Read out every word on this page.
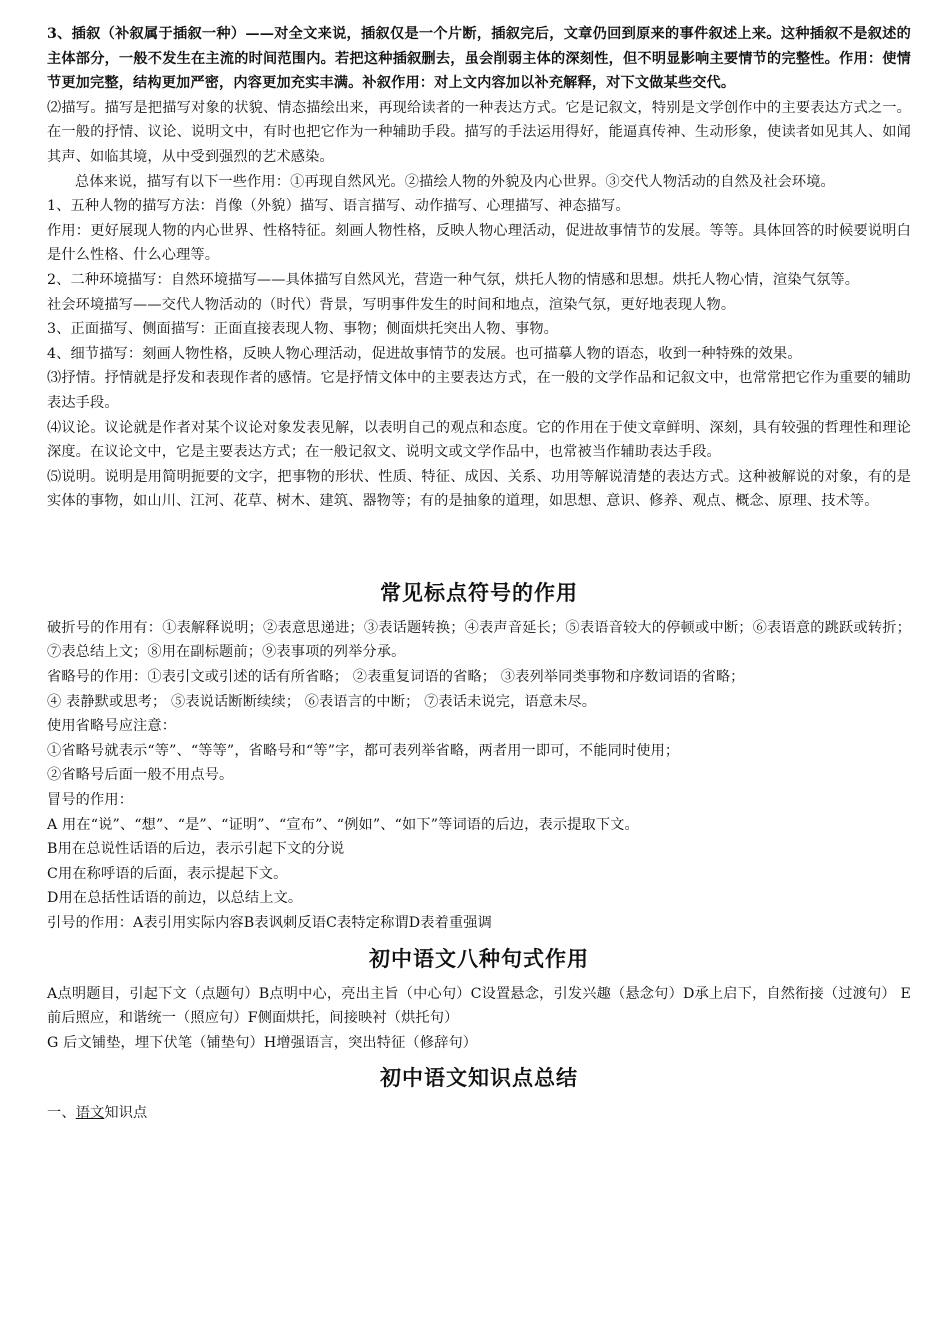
3、插叙（补叙属于插叙一种）——对全文来说，插叙仅是一个片断，插叙完后，文章仍回到原来的事件叙述上来。这种插叙不是叙述的主体部分，一般不发生在主流的时间范围内。若把这种插叙删去，虽会削弱主体的深刻性，但不明显影响主要情节的完整性。作用：使情节更加完整，结构更加严密，内容更加充实丰满。补叙作用：对上文内容加以补充解释，对下文做某些交代。

⑵描写。描写是把描写对象的状貌、情态描绘出来，再现给读者的一种表达方式。它是记叙文，特别是文学创作中的主要表达方式之一。在一般的抒情、议论、说明文中，有时也把它作为一种辅助手段。描写的手法运用得好，能逼真传神、生动形象，使读者如见其人、如闻其声、如临其境，从中受到强烈的艺术感染。

总体来说，描写有以下一些作用：①再现自然风光。②描绘人物的外貌及内心世界。③交代人物活动的自然及社会环境。

1、五种人物的描写方法：肖像（外貌）描写、语言描写、动作描写、心理描写、神态描写。

作用：更好展现人物的内心世界、性格特征。刻画人物性格，反映人物心理活动，促进故事情节的发展。等等。具体回答的时候要说明白是什么性格、什么心理等。

2、二种环境描写：自然环境描写——具体描写自然风光，营造一种气氛，烘托人物的情感和思想。烘托人物心情，渲染气氛等。

社会环境描写——交代人物活动的（时代）背景，写明事件发生的时间和地点，渲染气氛，更好地表现人物。

3、正面描写、侧面描写：正面直接表现人物、事物；侧面烘托突出人物、事物。

4、细节描写：刻画人物性格，反映人物心理活动，促进故事情节的发展。也可描摹人物的语态，收到一种特殊的效果。

⑶抒情。抒情就是抒发和表现作者的感情。它是抒情文体中的主要表达方式，在一般的文学作品和记叙文中，也常常把它作为重要的辅助表达手段。

⑷议论。议论就是作者对某个议论对象发表见解，以表明自己的观点和态度。它的作用在于使文章鲜明、深刻，具有较强的哲理性和理论深度。在议论文中，它是主要表达方式；在一般记叙文、说明文或文学作品中，也常被当作辅助表达手段。

⑸说明。说明是用简明扼要的文字，把事物的形状、性质、特征、成因、关系、功用等解说清楚的表达方式。这种被解说的对象，有的是实体的事物，如山川、江河、花草、树木、建筑、器物等；有的是抽象的道理，如思想、意识、修养、观点、概念、原理、技术等。

常见标点符号的作用

破折号的作用有：①表解释说明；②表意思递进；③表话题转换；④表声音延长；⑤表语音较大的停顿或中断；⑥表语意的跳跃或转折；⑦表总结上文；⑧用在副标题前；⑨表事项的列举分承。

省略号的作用：①表引文或引述的话有所省略； ②表重复词语的省略； ③表列举同类事物和序数词语的省略；

④ 表静默或思考； ⑤表说话断断续续； ⑥表语言的中断； ⑦表话未说完，语意未尽。

使用省略号应注意：

①省略号就表示“等”、“等等”，省略号和“等”字，都可表列举省略，两者用一即可，不能同时使用；

②省略号后面一般不用点号。

冒号的作用：

A 用在“说”、“想”、“是”、“证明”、“宣布”、“例如”、“如下”等词语的后边，表示提取下文。

B用在总说性话语的后边，表示引起下文的分说

C用在称呼语的后面，表示提起下文。

D用在总括性话语的前边，以总结上文。

引号的作用：A表引用实际内容B表讽刺反语C表特定称谓D表着重强调

初中语文八种句式作用

A点明题目，引起下文（点题句）B点明中心，亮出主旨（中心句）C设置悬念，引发兴趣（悬念句）D承上启下，自然衔接（过渡句） E前后照应，和谐统一（照应句）F侧面烘托，间接映衬（烘托句）

G 后文铺垫，埋下伏笔（铺垫句）H增强语言，突出特征（修辞句）

初中语文知识点总结

一、语文知识点
